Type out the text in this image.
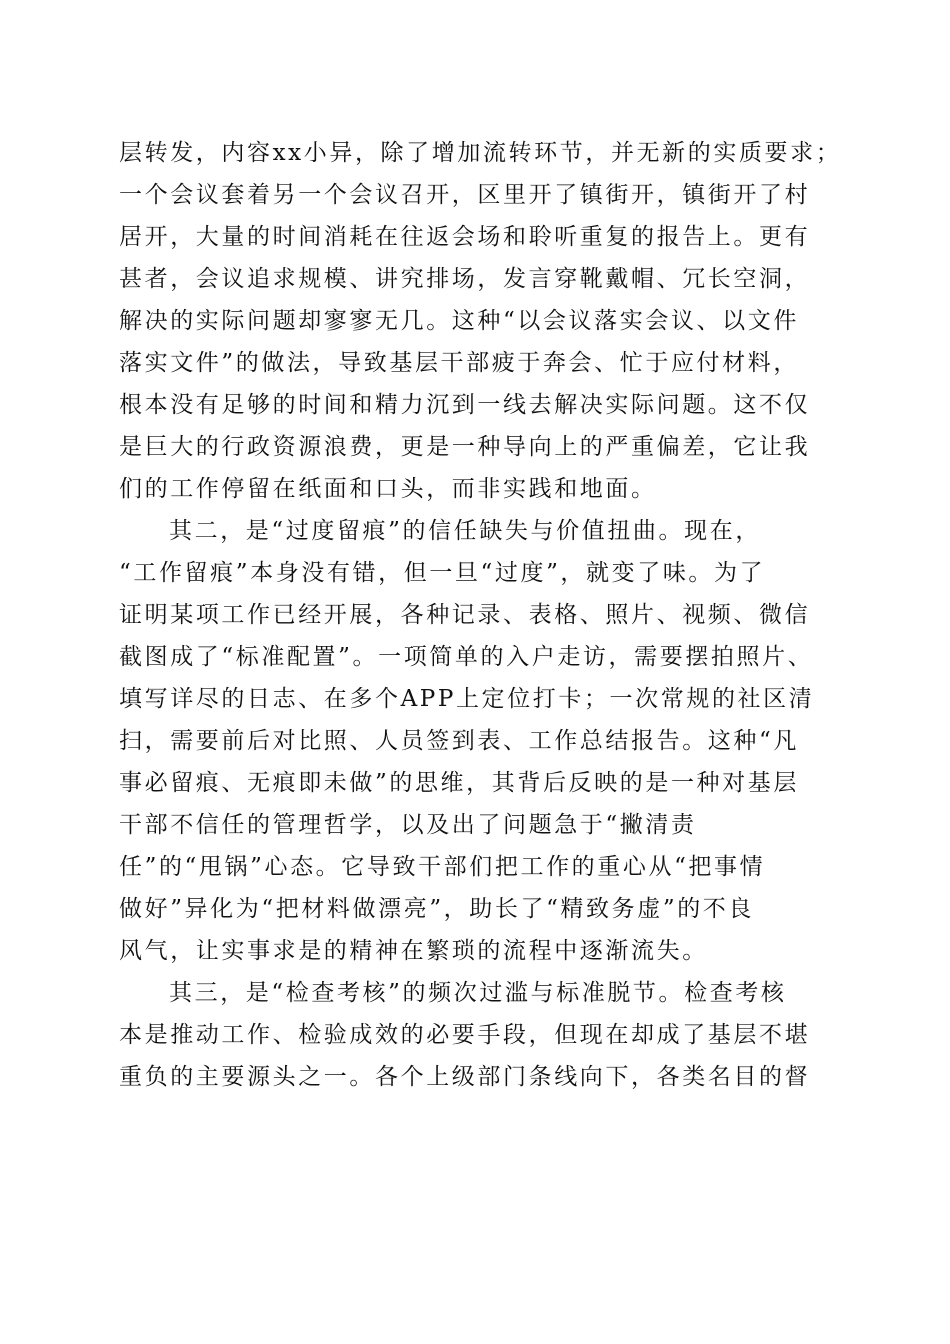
层转发，内容xx小异，除了增加流转环节，并无新的实质要求；
一个会议套着另一个会议召开，区里开了镇街开，镇街开了村
居开，大量的时间消耗在往返会场和聆听重复的报告上。更有
甚者，会议追求规模、讲究排场，发言穿靴戴帽、冗长空洞，
解决的实际问题却寥寥无几。这种“以会议落实会议、以文件
落实文件”的做法，导致基层干部疲于奔会、忙于应付材料，
根本没有足够的时间和精力沉到一线去解决实际问题。这不仅
是巨大的行政资源浪费，更是一种导向上的严重偏差，它让我
们的工作停留在纸面和口头，而非实践和地面。
其二，是“过度留痕”的信任缺失与价值扭曲。现在，
“工作留痕”本身没有错，但一旦“过度”，就变了味。为了
证明某项工作已经开展，各种记录、表格、照片、视频、微信
截图成了“标准配置”。一项简单的入户走访，需要摆拍照片、
填写详尽的日志、在多个APP上定位打卡；一次常规的社区清
扫，需要前后对比照、人员签到表、工作总结报告。这种“凡
事必留痕、无痕即未做”的思维，其背后反映的是一种对基层
干部不信任的管理哲学，以及出了问题急于“撇清责
任”的“甩锅”心态。它导致干部们把工作的重心从“把事情
做好”异化为“把材料做漂亮”，助长了“精致务虚”的不良
风气，让实事求是的精神在繁琐的流程中逐渐流失。
其三，是“检查考核”的频次过滥与标准脱节。检查考核
本是推动工作、检验成效的必要手段，但现在却成了基层不堪
重负的主要源头之一。各个上级部门条线向下，各类名目的督
